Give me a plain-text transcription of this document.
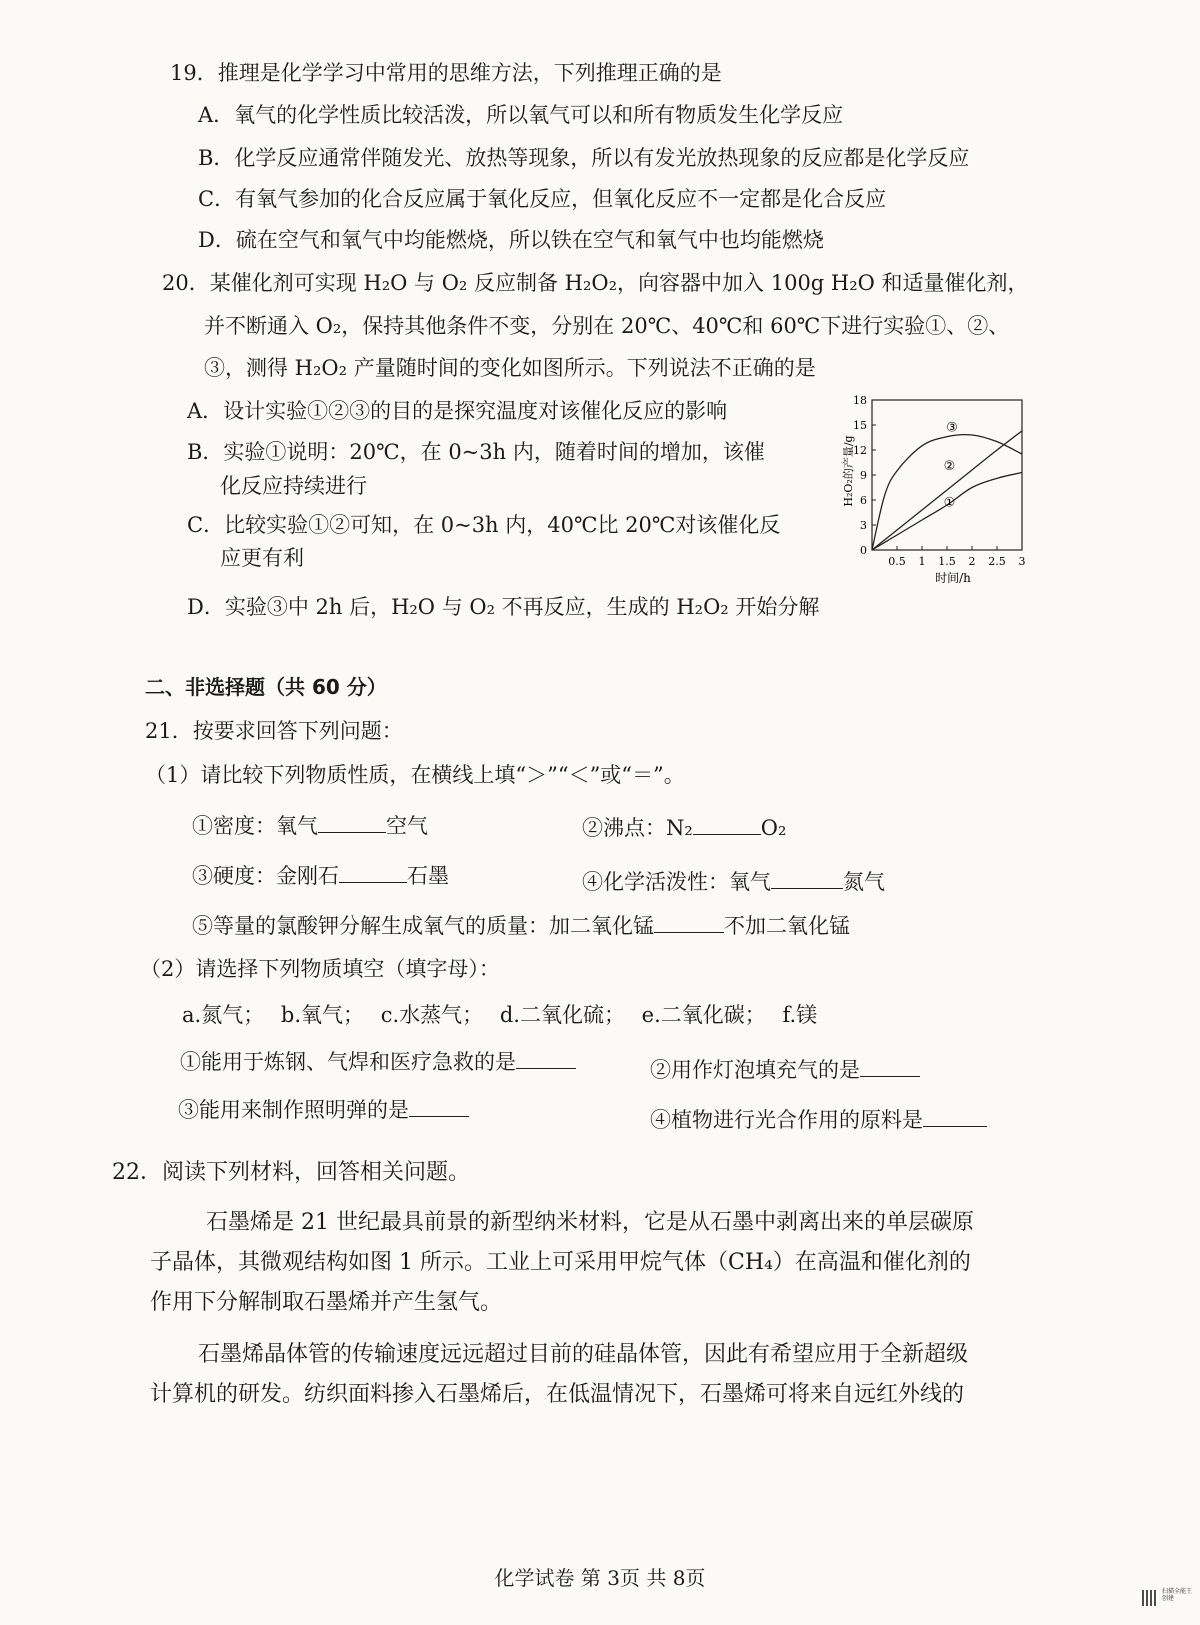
19．推理是化学学习中常用的思维方法，下列推理正确的是
A．氧气的化学性质比较活泼，所以氧气可以和所有物质发生化学反应
B．化学反应通常伴随发光、放热等现象，所以有发光放热现象的反应都是化学反应
C．有氧气参加的化合反应属于氧化反应，但氧化反应不一定都是化合反应
D．硫在空气和氧气中均能燃烧，所以铁在空气和氧气中也均能燃烧
20．某催化剂可实现 H₂O 与 O₂ 反应制备 H₂O₂，向容器中加入 100g H₂O 和适量催化剂，
并不断通入 O₂，保持其他条件不变，分别在 20℃、40℃和 60℃下进行实验①、②、
③，测得 H₂O₂ 产量随时间的变化如图所示。下列说法不正确的是
A．设计实验①②③的目的是探究温度对该催化反应的影响
B．实验①说明：20℃，在 0~3h 内，随着时间的增加，该催
化反应持续进行
C．比较实验①②可知，在 0~3h 内，40℃比 20℃对该催化反
应更有利
D．实验③中 2h 后，H₂O 与 O₂ 不再反应，生成的 H₂O₂ 开始分解
0
3
6
9
12
15
18
0.5 1 1.5 2 2.5 3
时间/h
H₂O₂的产量/g	①
②
③
二、非选择题（共 60 分）
21．按要求回答下列问题：
（1）请比较下列物质性质，在横线上填“＞”“＜”或“＝”。
①密度：氧气	空气	②沸点：N₂	O₂
③硬度：金刚石	石墨	④化学活泼性：氧气	氮气
⑤等量的氯酸钾分解生成氧气的质量：加二氧化锰	不加二氧化锰
（2）请选择下列物质填空（填字母）：
a.氮气； b.氧气； c.水蒸气； d.二氧化硫； e.二氧化碳； f.镁
①能用于炼钢、气焊和医疗急救的是	②用作灯泡填充气的是
③能用来制作照明弹的是	④植物进行光合作用的原料是
22．阅读下列材料，回答相关问题。
石墨烯是 21 世纪最具前景的新型纳米材料，它是从石墨中剥离出来的单层碳原
子晶体，其微观结构如图 1 所示。工业上可采用甲烷气体（CH₄）在高温和催化剂的
作用下分解制取石墨烯并产生氢气。
石墨烯晶体管的传输速度远远超过目前的硅晶体管，因此有希望应用于全新超级
计算机的研发。纺织面料掺入石墨烯后，在低温情况下，石墨烯可将来自远红外线的
化学试卷 第 3页 共 8页
扫描全能王 创建
